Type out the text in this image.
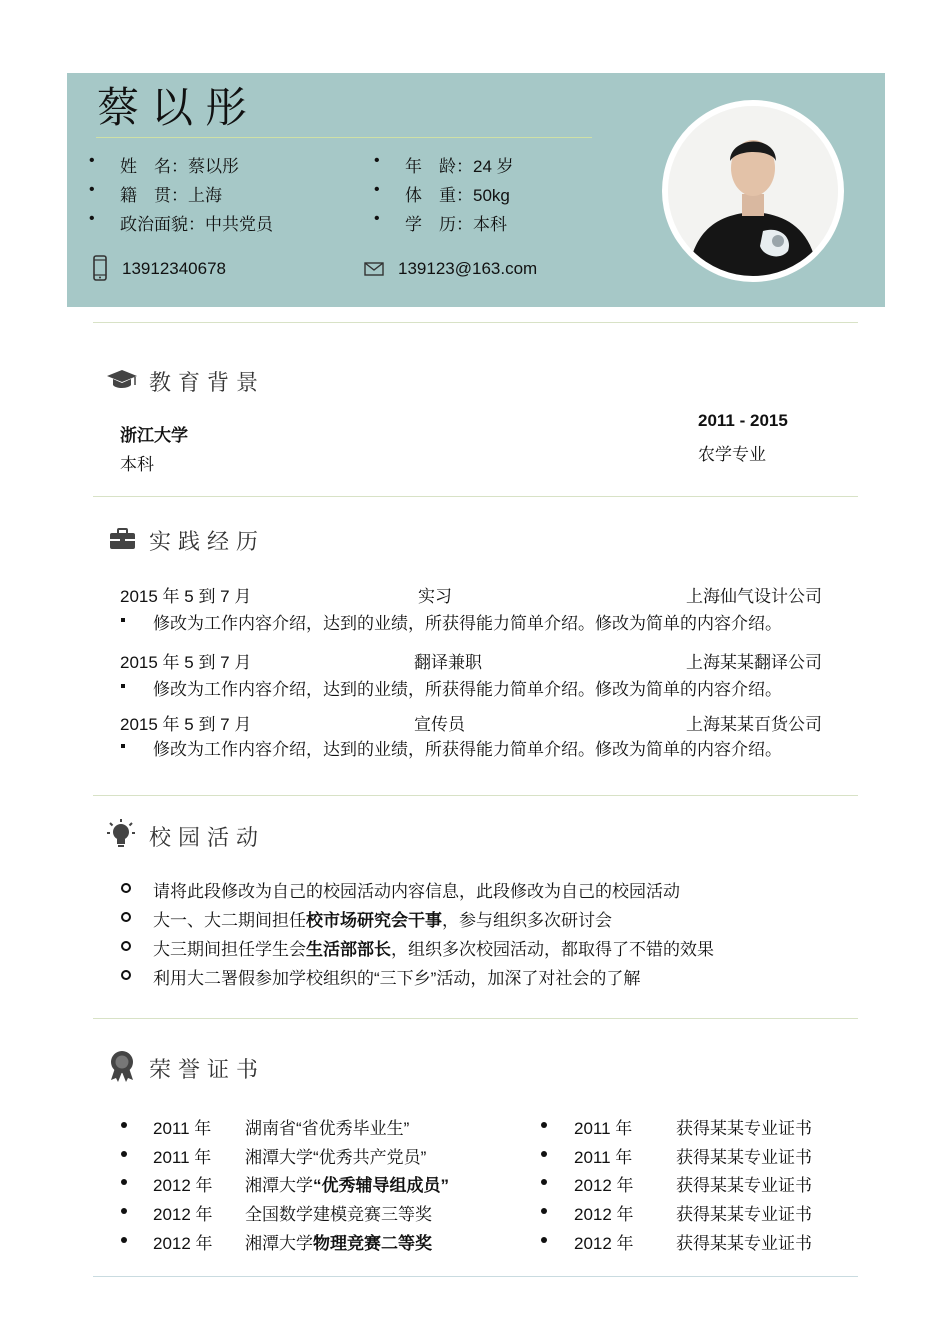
蔡以彤
• 姓　名：蔡以彤
• 籍　贯：上海
• 政治面貌：中共党员
• 年　龄：24 岁
• 体　重：50kg
• 学　历：本科
13912340678	139123@163.com
教育背景
浙江大学
本科
2011 - 2015
农学专业
实践经历
2015 年 5 到 7 月	实习	上海仙气设计公司
修改为工作内容介绍，达到的业绩，所获得能力简单介绍。修改为简单的内容介绍。
2015 年 5 到 7 月	翻译兼职	上海某某翻译公司
修改为工作内容介绍，达到的业绩，所获得能力简单介绍。修改为简单的内容介绍。
2015 年 5 到 7 月	宣传员	上海某某百货公司
修改为工作内容介绍，达到的业绩，所获得能力简单介绍。修改为简单的内容介绍。
校园活动
请将此段修改为自己的校园活动内容信息，此段修改为自己的校园活动
大一、大二期间担任校市场研究会干事，参与组织多次研讨会
大三期间担任学生会生活部部长，组织多次校园活动，都取得了不错的效果
利用大二署假参加学校组织的“三下乡”活动，加深了对社会的了解
荣誉证书
2011 年 湖南省“省优秀毕业生”
2011 年 湘潭大学“优秀共产党员”
2012 年 湘潭大学“优秀辅导组成员”
2012 年 全国数学建模竞赛三等奖
2012 年 湘潭大学物理竞赛二等奖
2011 年	获得某某专业证书
2011 年	获得某某专业证书
2012 年 获得某某专业证书
2012 年 获得某某专业证书
2012 年 获得某某专业证书
